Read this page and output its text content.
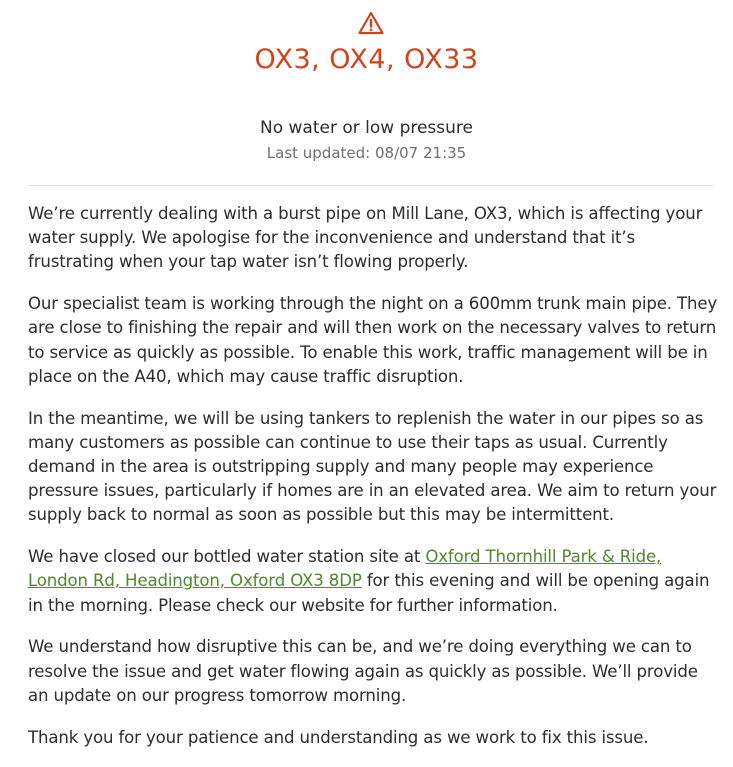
OX3, OX4, OX33
No water or low pressure
Last updated: 08/07 21:35

We’re currently dealing with a burst pipe on Mill Lane, OX3, which is affecting your water supply. We apologise for the inconvenience and understand that it’s frustrating when your tap water isn’t flowing properly.

Our specialist team is working through the night on a 600mm trunk main pipe. They are close to finishing the repair and will then work on the necessary valves to return to service as quickly as possible. To enable this work, traffic management will be in place on the A40, which may cause traffic disruption.

In the meantime, we will be using tankers to replenish the water in our pipes so as many customers as possible can continue to use their taps as usual. Currently demand in the area is outstripping supply and many people may experience pressure issues, particularly if homes are in an elevated area. We aim to return your supply back to normal as soon as possible but this may be intermittent.

We have closed our bottled water station site at Oxford Thornhill Park & Ride, London Rd, Headington, Oxford OX3 8DP for this evening and will be opening again in the morning. Please check our website for further information.

We understand how disruptive this can be, and we’re doing everything we can to resolve the issue and get water flowing again as quickly as possible. We’ll provide an update on our progress tomorrow morning.

Thank you for your patience and understanding as we work to fix this issue.
